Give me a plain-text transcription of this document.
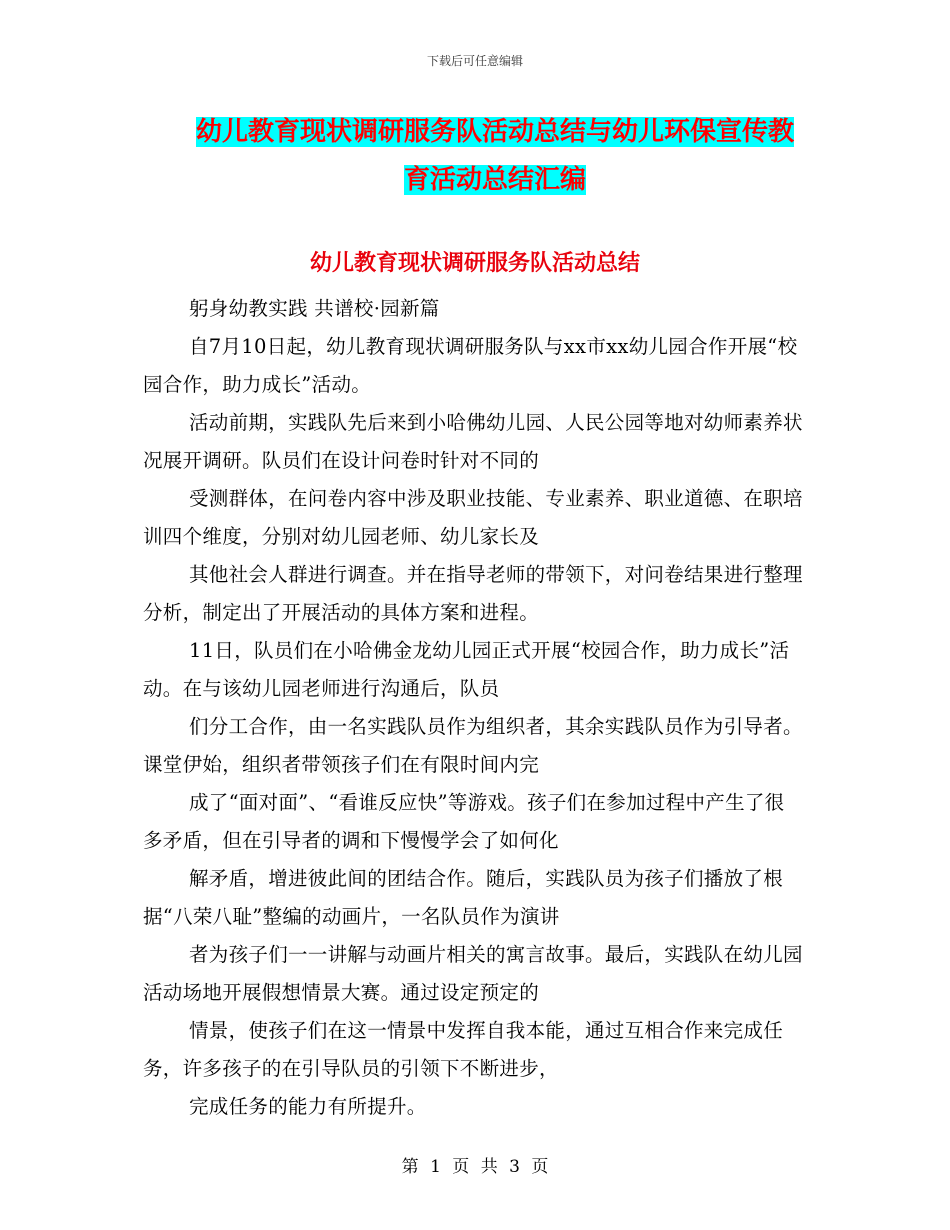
下载后可任意编辑
幼儿教育现状调研服务队活动总结与幼儿环保宣传教
育活动总结汇编
幼儿教育现状调研服务队活动总结

躬身幼教实践 共谱校·园新篇

自7月10日起，幼儿教育现状调研服务队与xx市xx幼儿园合作开展“校园合作，助力成长”活动。

活动前期，实践队先后来到小哈佛幼儿园、人民公园等地对幼师素养状况展开调研。队员们在设计问卷时针对不同的

受测群体，在问卷内容中涉及职业技能、专业素养、职业道德、在职培训四个维度，分别对幼儿园老师、幼儿家长及

其他社会人群进行调查。并在指导老师的带领下，对问卷结果进行整理分析，制定出了开展活动的具体方案和进程。

11日，队员们在小哈佛金龙幼儿园正式开展“校园合作，助力成长”活动。在与该幼儿园老师进行沟通后，队员

们分工合作，由一名实践队员作为组织者，其余实践队员作为引导者。课堂伊始，组织者带领孩子们在有限时间内完

成了“面对面”、“看谁反应快”等游戏。孩子们在参加过程中产生了很多矛盾，但在引导者的调和下慢慢学会了如何化

解矛盾，增进彼此间的团结合作。随后，实践队员为孩子们播放了根据“八荣八耻”整编的动画片，一名队员作为演讲

者为孩子们一一讲解与动画片相关的寓言故事。最后，实践队在幼儿园活动场地开展假想情景大赛。通过设定预定的

情景，使孩子们在这一情景中发挥自我本能，通过互相合作来完成任务，许多孩子的在引导队员的引领下不断进步，

完成任务的能力有所提升。

第 1 页 共 3 页
